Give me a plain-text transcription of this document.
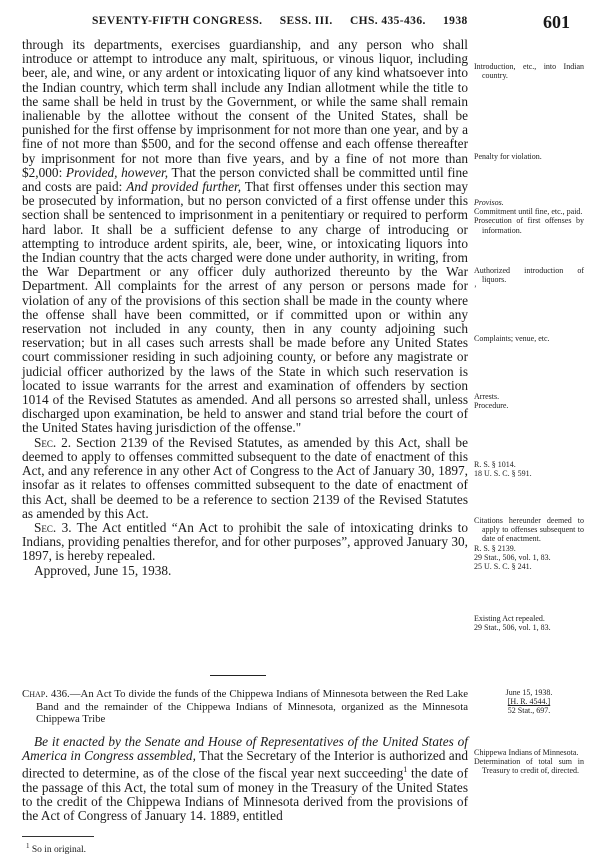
SEVENTY-FIFTH CONGRESS. SESS. III. CHS. 435-436. 1938	601

through its departments, exercises guardianship, and any person who shall introduce or attempt to introduce any malt, spirituous, or vinous liquor, including beer, ale, and wine, or any ardent or intoxicating liquor of any kind whatsoever into the Indian country, which term shall include any Indian allotment while the title to the same shall be held in trust by the Government, or while the same shall remain inalienable by the allottee without the consent of the United States, shall be punished for the first offense by imprisonment for not more than one year, and by a fine of not more than $500, and for the second offense and each offense thereafter by imprisonment for not more than five years, and by a fine of not more than $2,000: Provided, however, That the person convicted shall be committed until fine and costs are paid: And provided further, That first offenses under this section may be prosecuted by information, but no person convicted of a first offense under this section shall be sentenced to imprisonment in a penitentiary or required to perform hard labor. It shall be a sufficient defense to any charge of introducing or attempting to introduce ardent spirits, ale, beer, wine, or intoxicating liquors into the Indian country that the acts charged were done under authority, in writing, from the War Department or any officer duly authorized thereunto by the War Department. All complaints for the arrest of any person or persons made for violation of any of the provisions of this section shall be made in the county where the offense shall have been committed, or if committed upon or within any reservation not included in any county, then in any county adjoining such reservation; but in all cases such arrests shall be made before any United States court commissioner residing in such adjoining county, or before any magistrate or judicial officer authorized by the laws of the State in which such reservation is located to issue warrants for the arrest and examination of offenders by section 1014 of the Revised Statutes as amended. And all persons so arrested shall, unless discharged upon examination, be held to answer and stand trial before the court of the United States having jurisdiction of the offense."

Sec. 2. Section 2139 of the Revised Statutes, as amended by this Act, shall be deemed to apply to offenses committed subsequent to the date of enactment of this Act, and any reference in any other Act of Congress to the Act of January 30, 1897, insofar as it relates to offenses committed subsequent to the date of enactment of this Act, shall be deemed to be a reference to section 2139 of the Revised Statutes as amended by this Act.

Sec. 3. The Act entitled “An Act to prohibit the sale of intoxicating drinks to Indians, providing penalties therefor, and for other purposes”, approved January 30, 1897, is hereby repealed.

Approved, June 15, 1938.

Chap. 436.—An Act To divide the funds of the Chippewa Indians of Minnesota between the Red Lake Band and the remainder of the Chippewa Indians of Minnesota, organized as the Minnesota Chippewa Tribe

Be it enacted by the Senate and House of Representatives of the United States of America in Congress assembled, That the Secretary of the Interior is authorized and directed to determine, as of the close of the fiscal year next succeeding$^1$ the date of the passage of this Act, the total sum of money in the Treasury of the United States to the credit of the Chippewa Indians of Minnesota derived from the provisions of the Act of Congress of January 14. 1889, entitled

$^1$ So in original.

Introduction, etc., into Indian country.

Penalty for violation.

Provisos.

Commitment until fine, etc., paid.

Prosecution of first offenses by information.

Authorized introduction of liquors.

’

Complaints; venue, etc.

Arrests.

Procedure.

R. S. § 1014.

18 U. S. C. § 591.

Citations hereunder deemed to apply to offenses subsequent to date of enactment.

R. S. § 2139.

29 Stat., 506, vol. 1, 83.

25 U. S. C. § 241.

Existing Act repealed.

29 Stat., 506, vol. 1, 83.

June 15, 1938.

[H. R. 4544.]

52 Stat., 697.

Chippewa Indians of Minnesota.

Determination of total sum in Treasury to credit of, directed.
